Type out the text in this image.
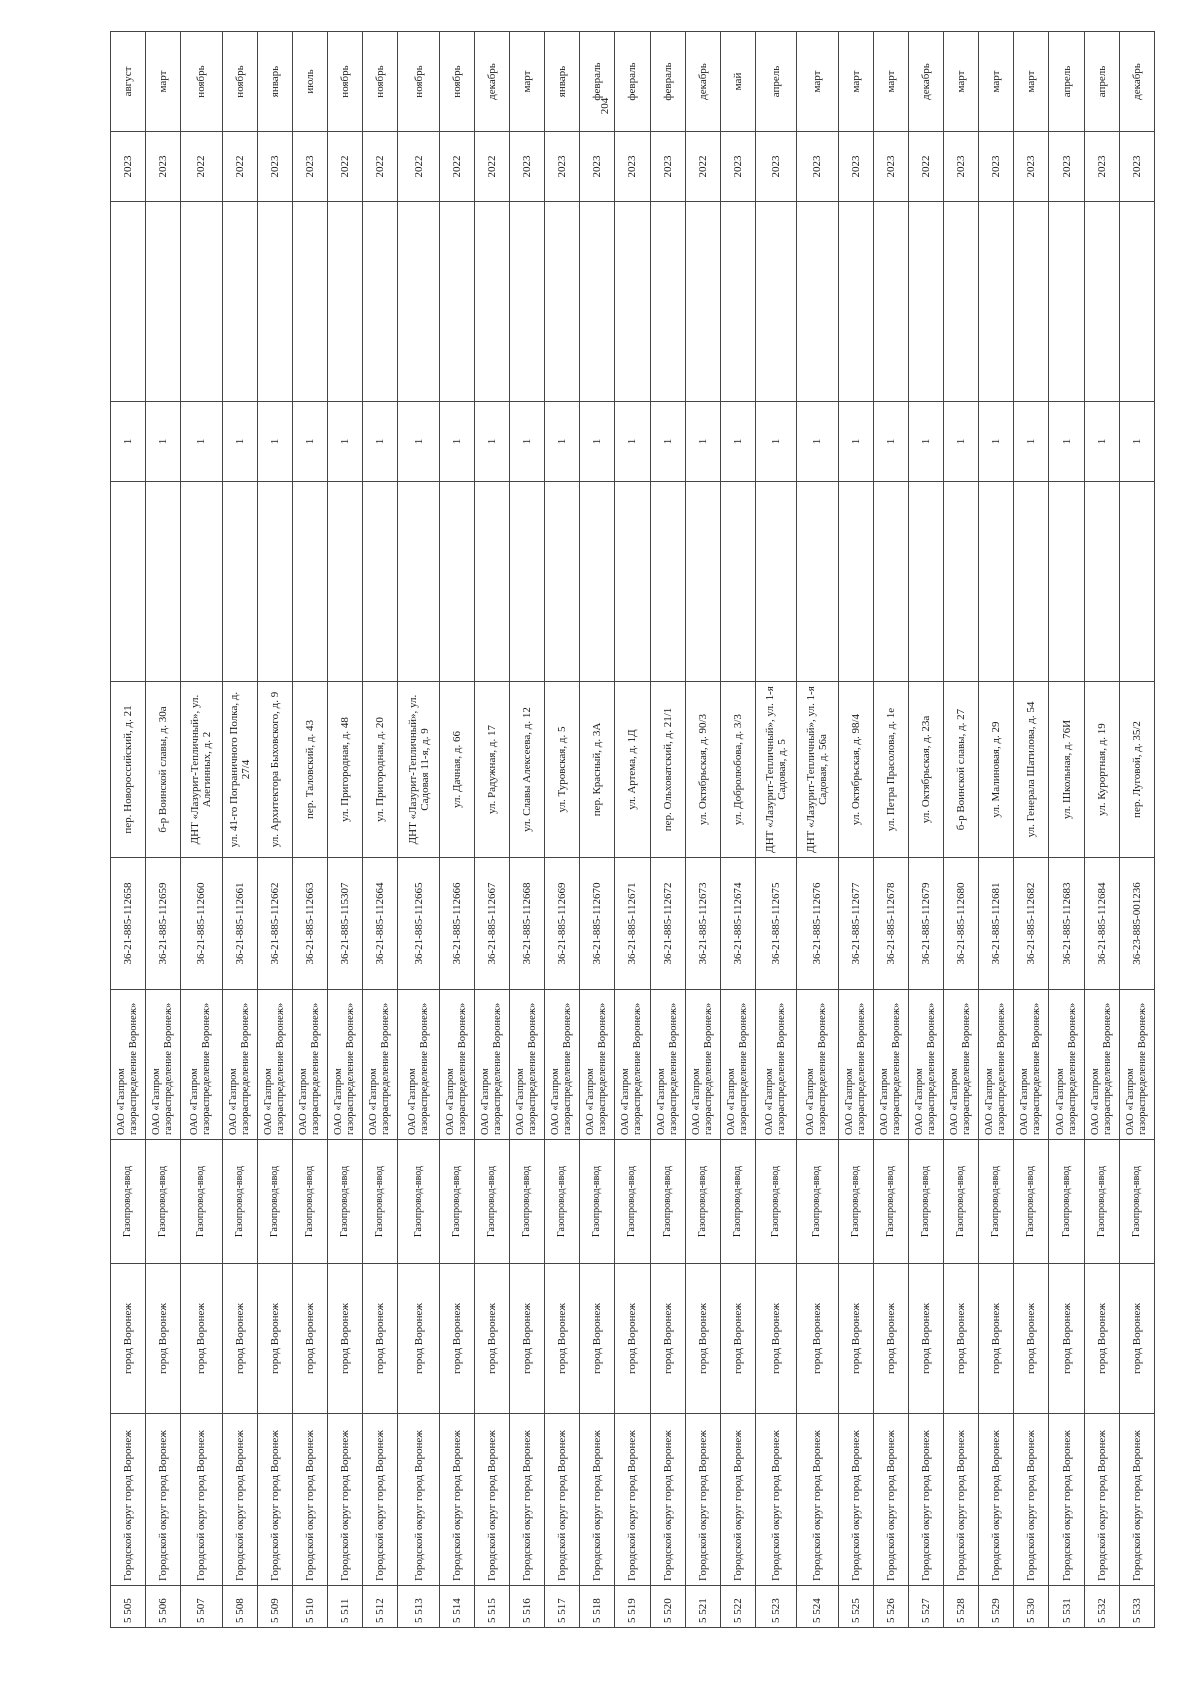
204
5 505	Городской округ город Воронеж	город Воронеж	Газопровод-ввод	ОАО «Газпром газораспределение Воронеж»	36-21-885-112658	пер. Новороссийский, д. 21		1		2023	август
5 506	Городской округ город Воронеж	город Воронеж	Газопровод-ввод	ОАО «Газпром газораспределение Воронеж»	36-21-885-112659	б-р Воинской славы, д. 30а		1		2023	март
5 507	Городской округ город Воронеж	город Воронеж	Газопровод-ввод	ОАО «Газпром газораспределение Воронеж»	36-21-885-112660	ДНТ «Лазурит-Тепличный», ул. Алегинных, д. 2		1		2022	ноябрь
5 508	Городской округ город Воронеж	город Воронеж	Газопровод-ввод	ОАО «Газпром газораспределение Воронеж»	36-21-885-112661	ул. 41-го Пограничного Полка, д. 27/4		1		2022	ноябрь
5 509	Городской округ город Воронеж	город Воронеж	Газопровод-ввод	ОАО «Газпром газораспределение Воронеж»	36-21-885-112662	ул. Архитектора Быховского, д. 9		1		2023	январь
5 510	Городской округ город Воронеж	город Воронеж	Газопровод-ввод	ОАО «Газпром газораспределение Воронеж»	36-21-885-112663	пер. Таловский, д. 43		1		2023	июль
5 511	Городской округ город Воронеж	город Воронеж	Газопровод-ввод	ОАО «Газпром газораспределение Воронеж»	36-21-885-115307	ул. Пригородная, д. 48		1		2022	ноябрь
5 512	Городской округ город Воронеж	город Воронеж	Газопровод-ввод	ОАО «Газпром газораспределение Воронеж»	36-21-885-112664	ул. Пригородная, д. 20		1		2022	ноябрь
5 513	Городской округ город Воронеж	город Воронеж	Газопровод-ввод	ОАО «Газпром газораспределение Воронеж»	36-21-885-112665	ДНТ «Лазурит-Тепличный», ул. Садовая 11-я, д. 9		1		2022	ноябрь
5 514	Городской округ город Воронеж	город Воронеж	Газопровод-ввод	ОАО «Газпром газораспределение Воронеж»	36-21-885-112666	ул. Дачная, д. 66		1		2022	ноябрь
5 515	Городской округ город Воронеж	город Воронеж	Газопровод-ввод	ОАО «Газпром газораспределение Воронеж»	36-21-885-112667	ул. Радужная, д. 17		1		2022	декабрь
5 516	Городской округ город Воронеж	город Воронеж	Газопровод-ввод	ОАО «Газпром газораспределение Воронеж»	36-21-885-112668	ул. Славы Алексеева, д. 12		1		2023	март
5 517	Городской округ город Воронеж	город Воронеж	Газопровод-ввод	ОАО «Газпром газораспределение Воронеж»	36-21-885-112669	ул. Туровская, д. 5		1		2023	январь
5 518	Городской округ город Воронеж	город Воронеж	Газопровод-ввод	ОАО «Газпром газораспределение Воронеж»	36-21-885-112670	пер. Красный, д. 3А		1		2023	февраль
5 519	Городской округ город Воронеж	город Воронеж	Газопровод-ввод	ОАО «Газпром газораспределение Воронеж»	36-21-885-112671	ул. Артема, д. 1Д		1		2023	февраль
5 520	Городской округ город Воронеж	город Воронеж	Газопровод-ввод	ОАО «Газпром газораспределение Воронеж»	36-21-885-112672	пер. Ольховатский, д. 21/1		1		2023	февраль
5 521	Городской округ город Воронеж	город Воронеж	Газопровод-ввод	ОАО «Газпром газораспределение Воронеж»	36-21-885-112673	ул. Октябрьская, д. 90/3		1		2022	декабрь
5 522	Городской округ город Воронеж	город Воронеж	Газопровод-ввод	ОАО «Газпром газораспределение Воронеж»	36-21-885-112674	ул. Добролюбова, д. 3/3		1		2023	май
5 523	Городской округ город Воронеж	город Воронеж	Газопровод-ввод	ОАО «Газпром газораспределение Воронеж»	36-21-885-112675	ДНТ «Лазурит-Тепличный», ул. 1-я Садовая, д. 5		1		2023	апрель
5 524	Городской округ город Воронеж	город Воронеж	Газопровод-ввод	ОАО «Газпром газораспределение Воронеж»	36-21-885-112676	ДНТ «Лазурит-Тепличный», ул. 1-я Садовая, д. 56а		1		2023	март
5 525	Городской округ город Воронеж	город Воронеж	Газопровод-ввод	ОАО «Газпром газораспределение Воронеж»	36-21-885-112677	ул. Октябрьская, д. 98/4		1		2023	март
5 526	Городской округ город Воронеж	город Воронеж	Газопровод-ввод	ОАО «Газпром газораспределение Воронеж»	36-21-885-112678	ул. Петра Прасолова, д. 1е		1		2023	март
5 527	Городской округ город Воронеж	город Воронеж	Газопровод-ввод	ОАО «Газпром газораспределение Воронеж»	36-21-885-112679	ул. Октябрьская, д. 23а		1		2022	декабрь
5 528	Городской округ город Воронеж	город Воронеж	Газопровод-ввод	ОАО «Газпром газораспределение Воронеж»	36-21-885-112680	б-р Воинской славы, д. 27		1		2023	март
5 529	Городской округ город Воронеж	город Воронеж	Газопровод-ввод	ОАО «Газпром газораспределение Воронеж»	36-21-885-112681	ул. Малиновая, д. 29		1		2023	март
5 530	Городской округ город Воронеж	город Воронеж	Газопровод-ввод	ОАО «Газпром газораспределение Воронеж»	36-21-885-112682	ул. Генерала Шатилова, д. 54		1		2023	март
5 531	Городской округ город Воронеж	город Воронеж	Газопровод-ввод	ОАО «Газпром газораспределение Воронеж»	36-21-885-112683	ул. Школьная, д. 76И		1		2023	апрель
5 532	Городской округ город Воронеж	город Воронеж	Газопровод-ввод	ОАО «Газпром газораспределение Воронеж»	36-21-885-112684	ул. Курортная, д. 19		1		2023	апрель
5 533	Городской округ город Воронеж	город Воронеж	Газопровод-ввод	ОАО «Газпром газораспределение Воронеж»	36-23-885-001236	пер. Луговой, д. 35/2		1		2023	декабрь
